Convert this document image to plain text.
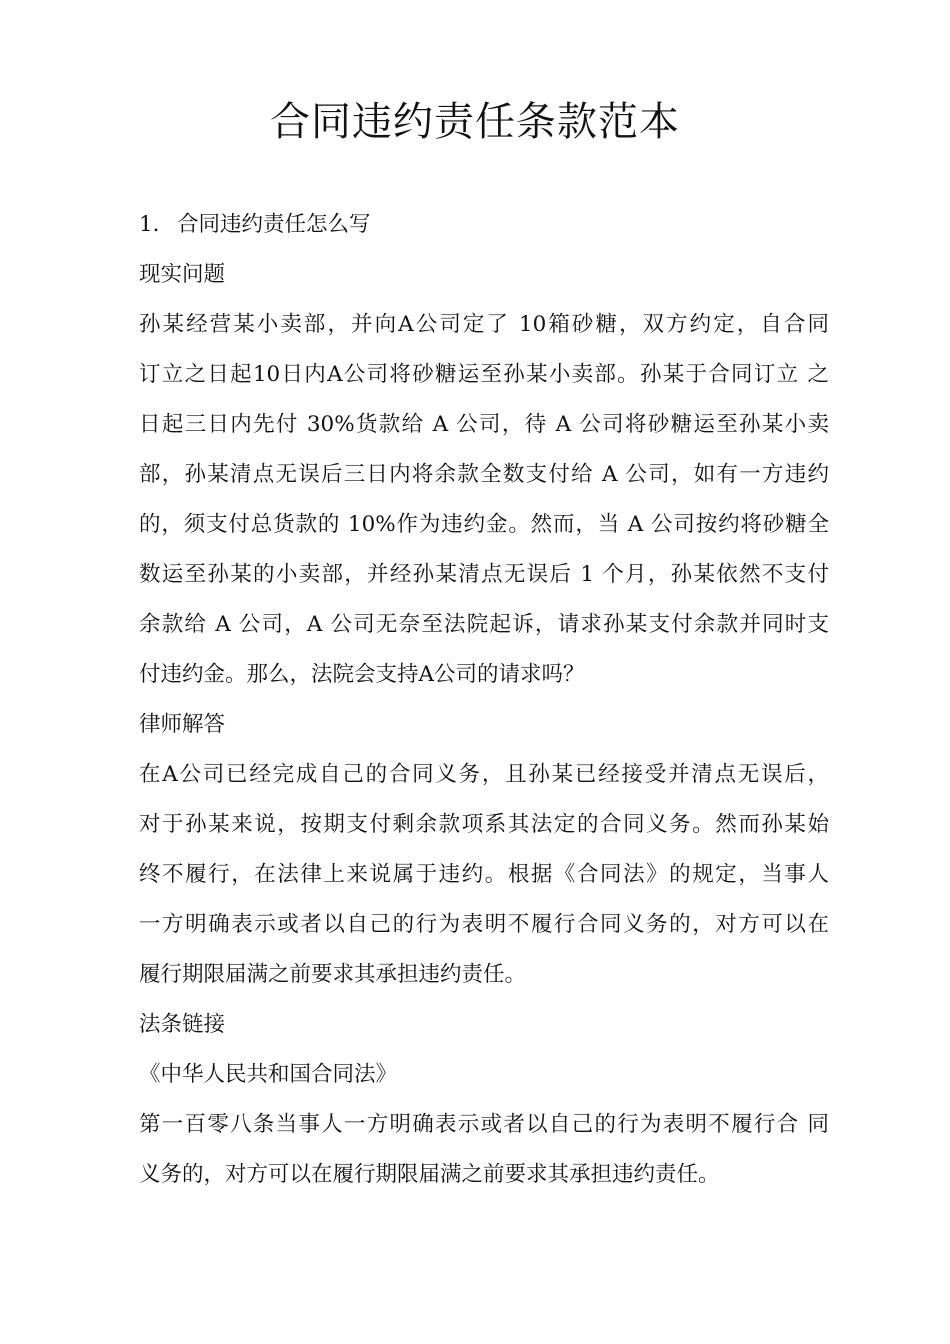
合同违约责任条款范本
1. 合同违约责任怎么写
现实问题
孙某经营某小卖部，并向A公司定了 10箱砂糖，双方约定，自合同
订立之日起10日内A公司将砂糖运至孙某小卖部。孙某于合同订立 之
日起三日内先付 30%货款给 A 公司，待 A 公司将砂糖运至孙某小卖
部，孙某清点无误后三日内将余款全数支付给 A 公司，如有一方违约
的，须支付总货款的 10%作为违约金。然而，当 A 公司按约将砂糖全
数运至孙某的小卖部，并经孙某清点无误后 1 个月，孙某依然不支付
余款给 A 公司，A 公司无奈至法院起诉，请求孙某支付余款并同时支
付违约金。那么，法院会支持A公司的请求吗？
律师解答
在A公司已经完成自己的合同义务，且孙某已经接受并清点无误后，
对于孙某来说，按期支付剩余款项系其法定的合同义务。然而孙某始
终不履行，在法律上来说属于违约。根据《合同法》的规定，当事人
一方明确表示或者以自己的行为表明不履行合同义务的，对方可以在
履行期限届满之前要求其承担违约责任。
法条链接
《中华人民共和国合同法》
第一百零八条当事人一方明确表示或者以自己的行为表明不履行合 同
义务的，对方可以在履行期限届满之前要求其承担违约责任。
